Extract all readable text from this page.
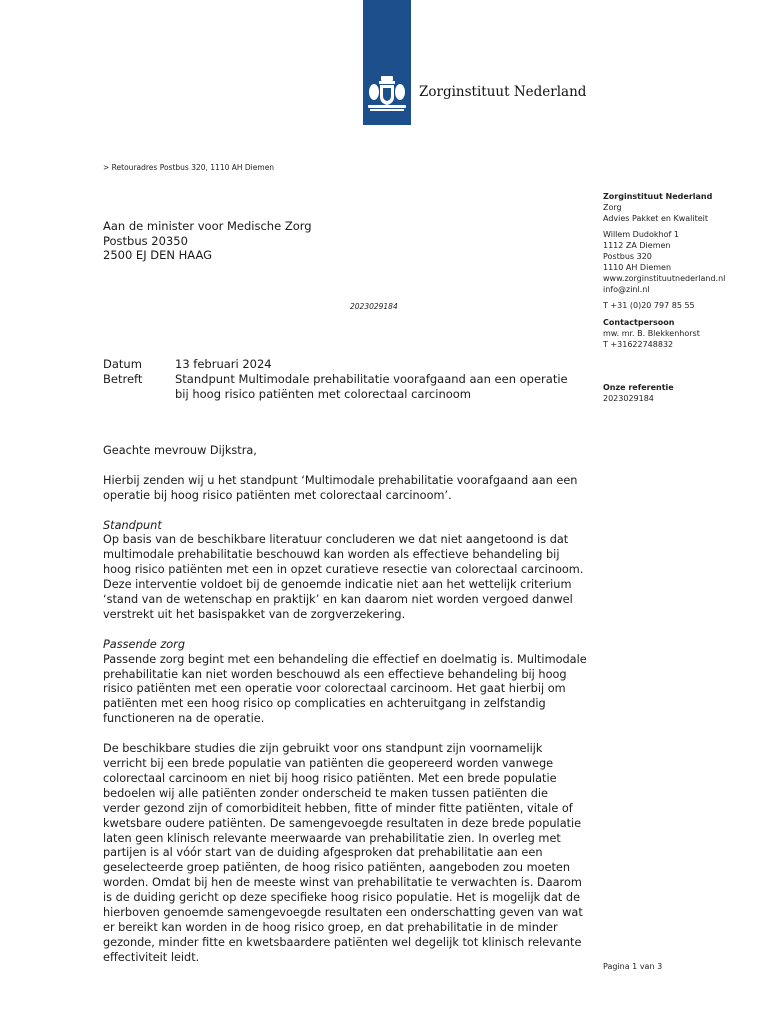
Zorginstituut Nederland
> Retouradres Postbus 320, 1110 AH Diemen
Aan de minister voor Medische Zorg
Postbus 20350
2500 EJ DEN HAAG
2023029184
Zorginstituut Nederland
Zorg
Advies Pakket en Kwaliteit
Willem Dudokhof 1
1112 ZA Diemen
Postbus 320
1110 AH Diemen
www.zorginstituutnederland.nl
info@zinl.nl
T +31 (0)20 797 85 55
Contactpersoon
mw. mr. B. Blekkenhorst
T +31622748832
Onze referentie
2023029184
Datum	13 februari 2024
Betreft	Standpunt Multimodale prehabilitatie voorafgaand aan een operatie bij hoog risico patiënten met colorectaal carcinoom

Geachte mevrouw Dijkstra,

Hierbij zenden wij u het standpunt ‘Multimodale prehabilitatie voorafgaand aan een operatie bij hoog risico patiënten met colorectaal carcinoom’.

Standpunt
Op basis van de beschikbare literatuur concluderen we dat niet aangetoond is dat multimodale prehabilitatie beschouwd kan worden als effectieve behandeling bij hoog risico patiënten met een in opzet curatieve resectie van colorectaal carcinoom. Deze interventie voldoet bij de genoemde indicatie niet aan het wettelijk criterium ‘stand van de wetenschap en praktijk’ en kan daarom niet worden vergoed danwel verstrekt uit het basispakket van de zorgverzekering.

Passende zorg
Passende zorg begint met een behandeling die effectief en doelmatig is. Multimodale prehabilitatie kan niet worden beschouwd als een effectieve behandeling bij hoog risico patiënten met een operatie voor colorectaal carcinoom. Het gaat hierbij om patiënten met een hoog risico op complicaties en achteruitgang in zelfstandig functioneren na de operatie.

De beschikbare studies die zijn gebruikt voor ons standpunt zijn voornamelijk verricht bij een brede populatie van patiënten die geopereerd worden vanwege colorectaal carcinoom en niet bij hoog risico patiënten. Met een brede populatie bedoelen wij alle patiënten zonder onderscheid te maken tussen patiënten die verder gezond zijn of comorbiditeit hebben, fitte of minder fitte patiënten, vitale of kwetsbare oudere patiënten. De samengevoegde resultaten in deze brede populatie laten geen klinisch relevante meerwaarde van prehabilitatie zien. In overleg met partijen is al vóór start van de duiding afgesproken dat prehabilitatie aan een geselecteerde groep patiënten, de hoog risico patiënten, aangeboden zou moeten worden. Omdat bij hen de meeste winst van prehabilitatie te verwachten is. Daarom is de duiding gericht op deze specifieke hoog risico populatie. Het is mogelijk dat de hierboven genoemde samengevoegde resultaten een onderschatting geven van wat er bereikt kan worden in de hoog risico groep, en dat prehabilitatie in de minder gezonde, minder fitte en kwetsbaardere patiënten wel degelijk tot klinisch relevante effectiviteit leidt.

Pagina 1 van 3
